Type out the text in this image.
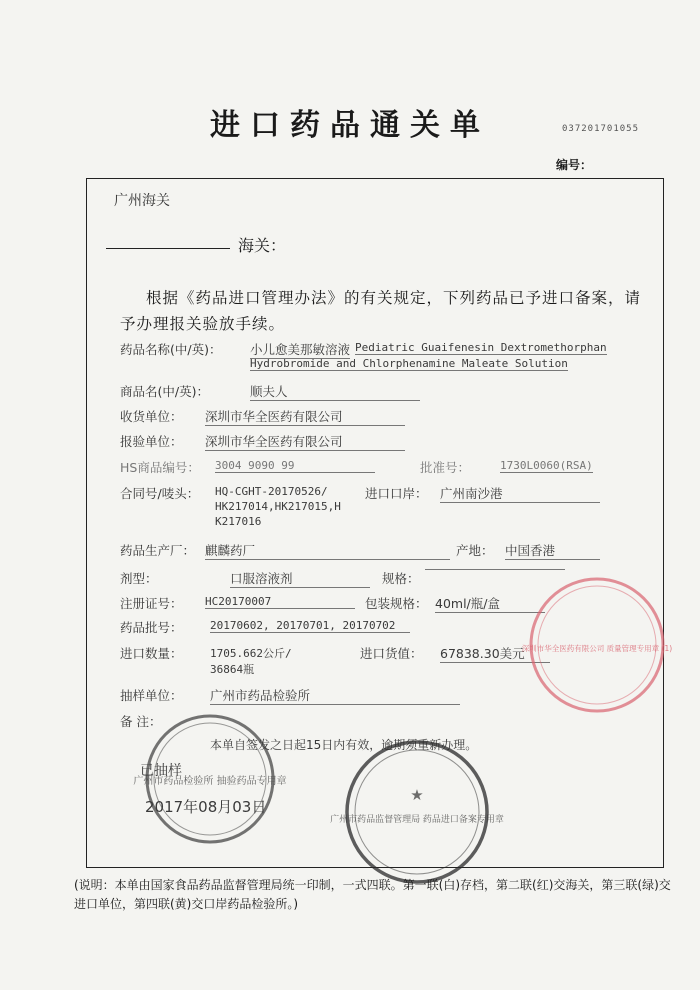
进口药品通关单	037201701055
编号：
广州海关
海关：
根据《药品进口管理办法》的有关规定，下列药品已予进口备案，请予办理报关验放手续。
药品名称(中/英)： 小儿愈美那敏溶液 Pediatric Guaifenesin Dextromethorphan
Hydrobromide and Chlorphenamine Maleate Solution
商品名(中/英)：	顺夫人
收货单位： 深圳市华全医药有限公司
报验单位： 深圳市华全医药有限公司
HS商品编号： 3004 9090 99	批准号：	1730L0060(RSA)
合同号/唛头： HQ-CGHT-20170526/
HK217014,HK217015,H
K217016
进口口岸： 广州南沙港
药品生产厂： 麒麟药厂	产地： 中国香港
剂型：	口服溶液剂	规格：
注册证号： HC20170007	包装规格： 40ml/瓶/盒
药品批号： 20170602, 20170701, 20170702
进口数量： 1705.662公斤/
36864瓶
进口货值： 67838.30美元
抽样单位： 广州市药品检验所
备 注：
本单自签发之日起15日内有效，逾期须重新办理。
已抽样
2017年08月03日
广州市药品检验所 抽验药品专用章
★
广州市药品监督管理局 药品进口备案专用章
深圳市华全医药有限公司 质量管理专用章 (1)
(说明：本单由国家食品药品监督管理局统一印制，一式四联。第一联(白)存档，第二联(红)交海关，第三联(绿)交进口单位，第四联(黄)交口岸药品检验所。)
